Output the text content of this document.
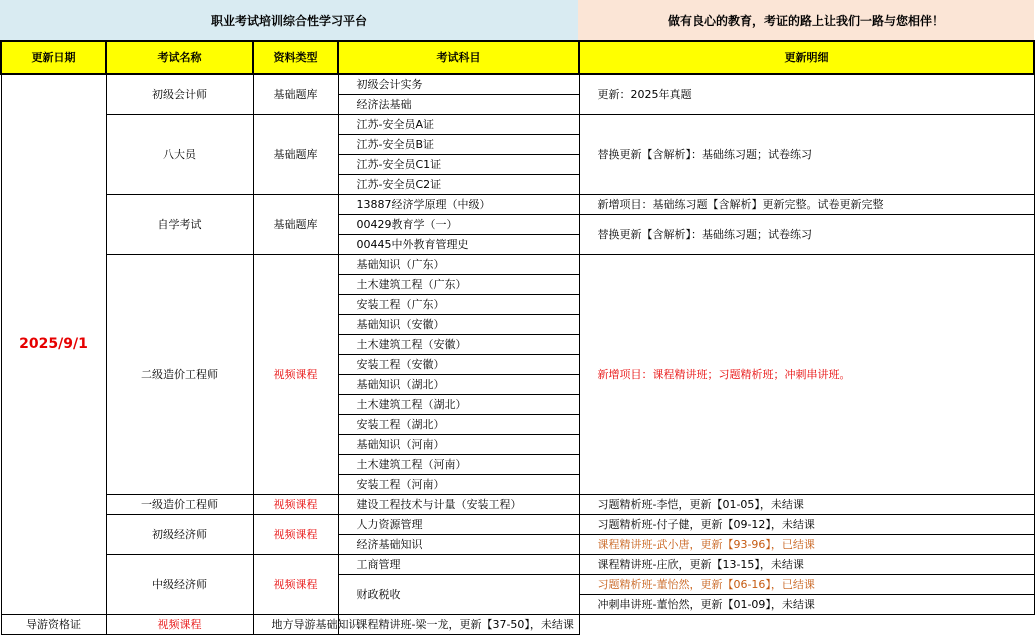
职业考试培训综合性学习平台	做有良心的教育，考证的路上让我们一路与您相伴！
更新日期	考试名称	资料类型	考试科目	更新明细
2025/9/1	初级会计师	基础题库	初级会计实务	更新：2025年真题
			经济法基础	
	八大员	基础题库	江苏-安全员A证	替换更新【含解析】：基础练习题；试卷练习
			江苏-安全员B证	
			江苏-安全员C1证	
			江苏-安全员C2证	
	自学考试	基础题库	13887经济学原理（中级）	新增项目：基础练习题【含解析】更新完整。试卷更新完整
			00429教育学（一）	替换更新【含解析】：基础练习题；试卷练习
			00445中外教育管理史	
	二级造价工程师	视频课程	基础知识（广东）	新增项目：课程精讲班；习题精析班；冲刺串讲班。
			土木建筑工程（广东）	
			安装工程（广东）	
			基础知识（安徽）	
			土木建筑工程（安徽）	
			安装工程（安徽）	
			基础知识（湖北）	
			土木建筑工程（湖北）	
			安装工程（湖北）	
			基础知识（河南）	
			土木建筑工程（河南）	
			安装工程（河南）	
	一级造价工程师	视频课程	建设工程技术与计量（安装工程）	习题精析班-李恺，更新【01-05】，未结课
	初级经济师	视频课程	人力资源管理	习题精析班-付子健，更新【09-12】，未结课
			经济基础知识	课程精讲班-武小唐，更新【93-96】，已结课
	中级经济师	视频课程	工商管理	课程精讲班-庄欣，更新【13-15】，未结课
			财政税收	习题精析班-董怡然，更新【06-16】，已结课
				冲刺串讲班-董怡然，更新【01-09】，未结课
导游资格证	视频课程	地方导游基础知识	课程精讲班-梁一龙，更新【37-50】，未结课	
